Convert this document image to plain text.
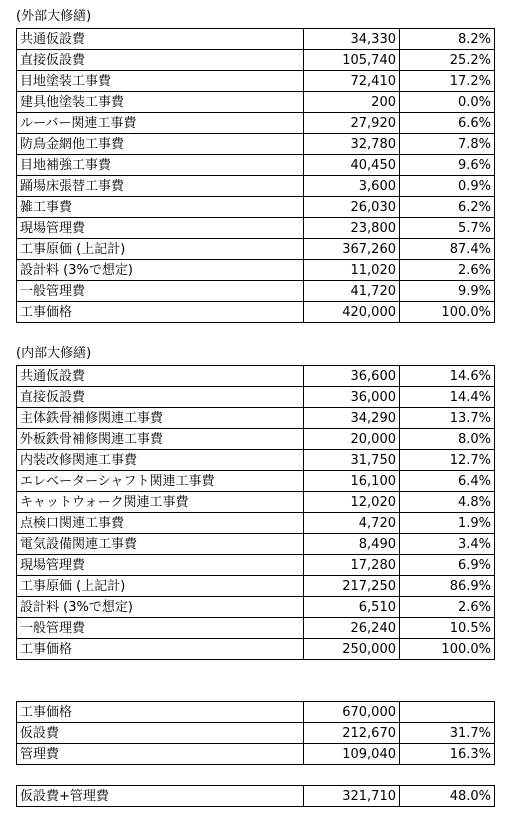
(外部大修繕)
共通仮設費	34,330	8.2%
直接仮設費	105,740	25.2%
目地塗装工事費	72,410	17.2%
建具他塗装工事費	200	0.0%
ルーバー関連工事費	27,920	6.6%
防鳥金網他工事費	32,780	7.8%
目地補強工事費	40,450	9.6%
踊場床張替工事費	3,600	0.9%
雑工事費	26,030	6.2%
現場管理費	23,800	5.7%
工事原価 (上記計)	367,260	87.4%
設計料 (3%で想定)	11,020	2.6%
一般管理費	41,720	9.9%
工事価格	420,000	100.0%
(内部大修繕)
共通仮設費	36,600	14.6%
直接仮設費	36,000	14.4%
主体鉄骨補修関連工事費	34,290	13.7%
外板鉄骨補修関連工事費	20,000	8.0%
内装改修関連工事費	31,750	12.7%
エレベーターシャフト関連工事費	16,100	6.4%
キャットウォーク関連工事費	12,020	4.8%
点検口関連工事費	4,720	1.9%
電気設備関連工事費	8,490	3.4%
現場管理費	17,280	6.9%
工事原価 (上記計)	217,250	86.9%
設計料 (3%で想定)	6,510	2.6%
一般管理費	26,240	10.5%
工事価格	250,000	100.0%
工事価格	670,000	
仮設費	212,670	31.7%
管理費	109,040	16.3%
仮設費+管理費	321,710	48.0%
